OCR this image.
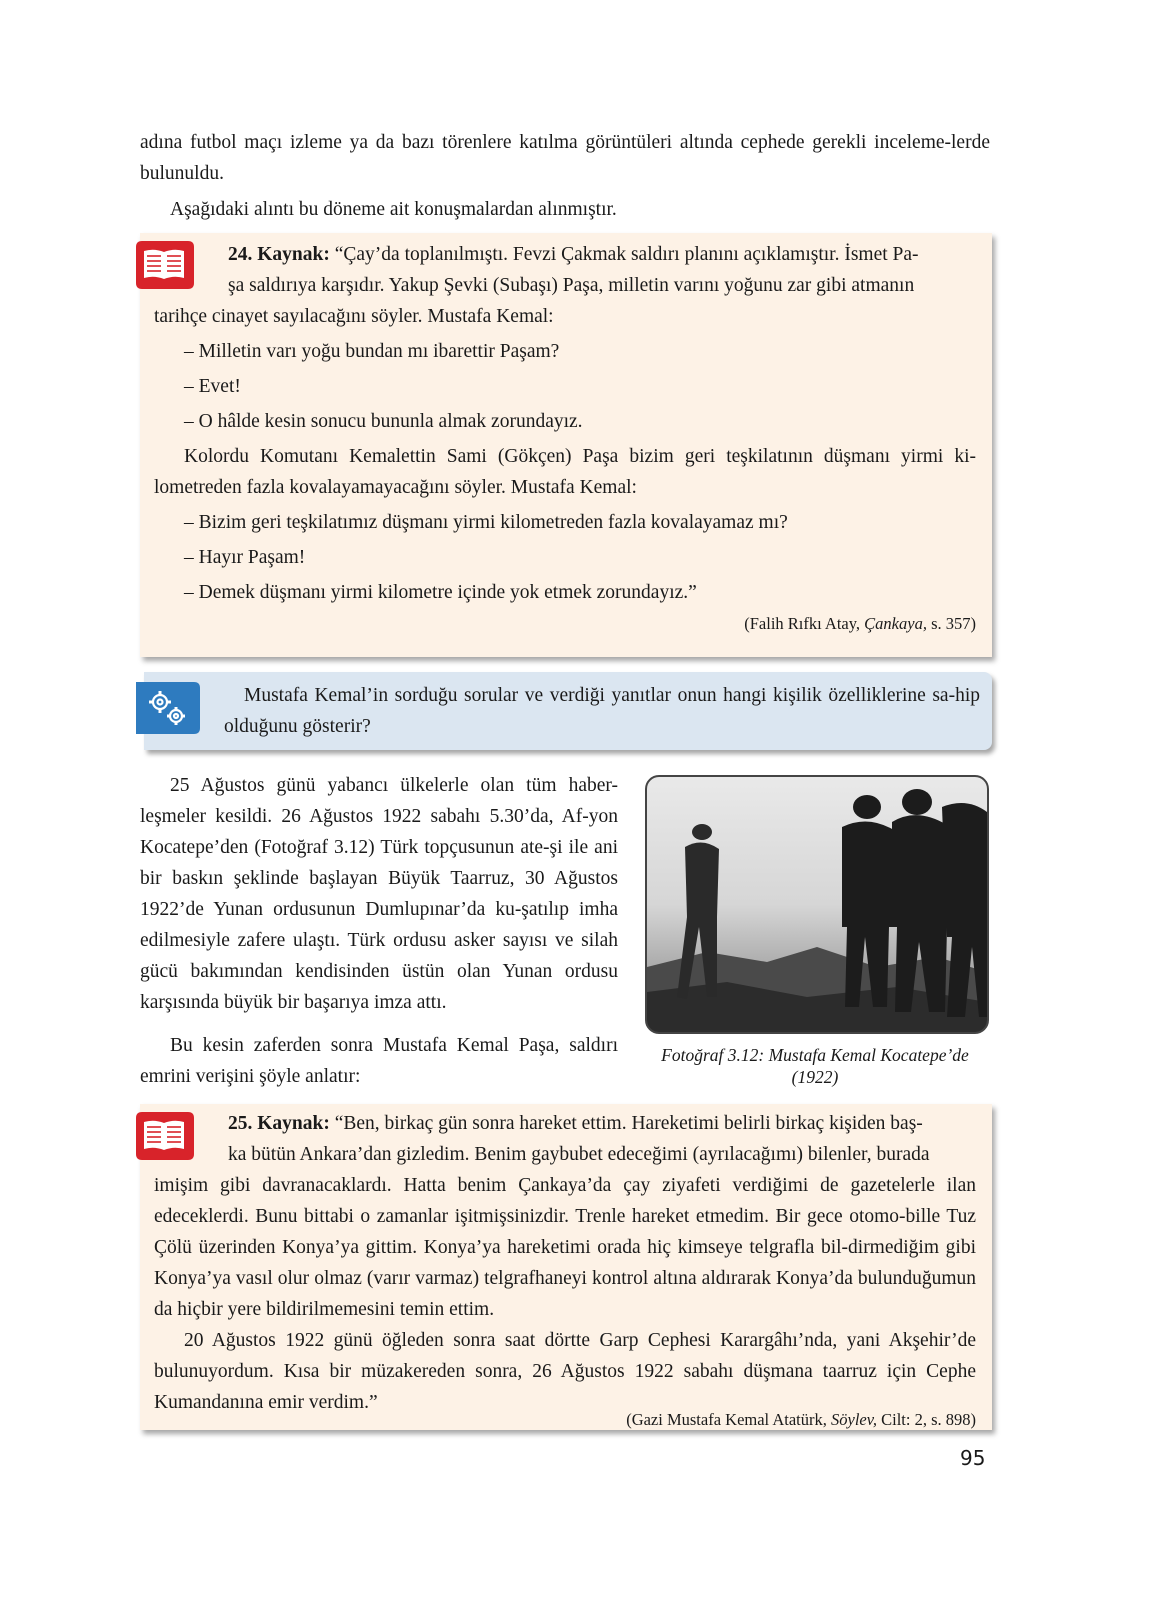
adına futbol maçı izleme ya da bazı törenlere katılma görüntüleri altında cephede gerekli inceleme-lerde bulunuldu.

Aşağıdaki alıntı bu döneme ait konuşmalardan alınmıştır.

24. Kaynak: “Çay’da toplanılmıştı. Fevzi Çakmak saldırı planını açıklamıştır. İsmet Pa-

şa saldırıya karşıdır. Yakup Şevki (Subaşı) Paşa, milletin varını yoğunu zar gibi atmanın

tarihçe cinayet sayılacağını söyler. Mustafa Kemal:

– Milletin varı yoğu bundan mı ibarettir Paşam?

– Evet!

– O hâlde kesin sonucu bununla almak zorundayız.

Kolordu Komutanı Kemalettin Sami (Gökçen) Paşa bizim geri teşkilatının düşmanı yirmi ki-lometreden fazla kovalayamayacağını söyler. Mustafa Kemal:

– Bizim geri teşkilatımız düşmanı yirmi kilometreden fazla kovalayamaz mı?

– Hayır Paşam!

– Demek düşmanı yirmi kilometre içinde yok etmek zorundayız.”

(Falih Rıfkı Atay, Çankaya, s. 357)

Mustafa Kemal’in sorduğu sorular ve verdiği yanıtlar onun hangi kişilik özelliklerine sa-hip olduğunu gösterir?

25 Ağustos günü yabancı ülkelerle olan tüm haber-leşmeler kesildi. 26 Ağustos 1922 sabahı 5.30’da, Af-yon Kocatepe’den (Fotoğraf 3.12) Türk topçusunun ate-şi ile ani bir baskın şeklinde başlayan Büyük Taarruz, 30 Ağustos 1922’de Yunan ordusunun Dumlupınar’da ku-şatılıp imha edilmesiyle zafere ulaştı. Türk ordusu asker sayısı ve silah gücü bakımından kendisinden üstün olan Yunan ordusu karşısında büyük bir başarıya imza attı.

Bu kesin zaferden sonra Mustafa Kemal Paşa, saldırı emrini verişini şöyle anlatır:

Fotoğraf 3.12: Mustafa Kemal Kocatepe’de
(1922)

25. Kaynak: “Ben, birkaç gün sonra hareket ettim. Hareketimi belirli birkaç kişiden baş-

ka bütün Ankara’dan gizledim. Benim gaybubet edeceğimi (ayrılacağımı) bilenler, burada

imişim gibi davranacaklardı. Hatta benim Çankaya’da çay ziyafeti verdiğimi de gazetelerle ilan edeceklerdi. Bunu bittabi o zamanlar işitmişsinizdir. Trenle hareket etmedim. Bir gece otomo-bille Tuz Çölü üzerinden Konya’ya gittim. Konya’ya hareketimi orada hiç kimseye telgrafla bil-dirmediğim gibi Konya’ya vasıl olur olmaz (varır varmaz) telgrafhaneyi kontrol altına aldırarak Konya’da bulunduğumun da hiçbir yere bildirilmemesini temin ettim.

20 Ağustos 1922 günü öğleden sonra saat dörtte Garp Cephesi Karargâhı’nda, yani Akşehir’de bulunuyordum. Kısa bir müzakereden sonra, 26 Ağustos 1922 sabahı düşmana taarruz için Cephe Kumandanına emir verdim.”

(Gazi Mustafa Kemal Atatürk, Söylev, Cilt: 2, s. 898)

95
